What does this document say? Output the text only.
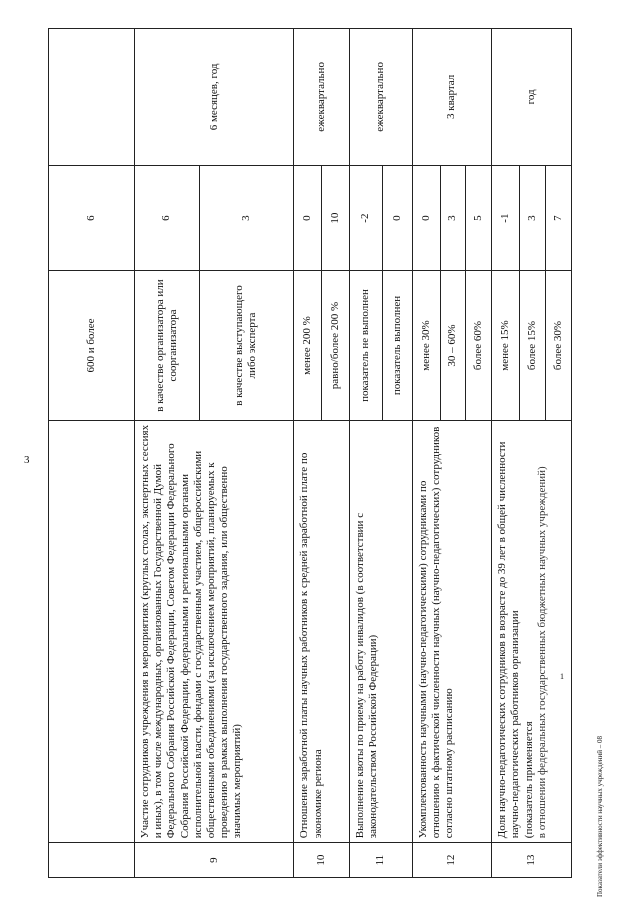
3
1
Показатели эффективности научных учреждений – 08
		600 и более	6	
9	Участие сотрудников учреждения в мероприятиях (круглых столах, экспертных сессиях и иных), в том числе международных, организованных Государственной Думой Федерального Собрания Российской Федерации, Советом Федерации Федерального Собрания Российской Федерации, федеральными и региональными органами исполнительной власти, фондами с государственным участием, общероссийскими общественными объединениями (за исключением мероприятий, планируемых к проведению в рамках выполнения государственного задания, или общественно значимых мероприятий)	в качестве организатора или соорганизатора	6	6 месяцев, год
		в качестве выступающего либо эксперта	3	
10	Отношение заработной платы научных работников к средней заработной плате по экономике региона	менее 200 %	0	ежеквартально
		равно/более 200 %	10	
11	Выполнение квоты по приему на работу инвалидов (в соответствии с законодательством Российской Федерации)	показатель не выполнен	-2	ежеквартально
		показатель выполнен	0	
12	Укомплектованность научными (научно-педагогическими) сотрудниками по отношению к фактической численности научных (научно-педагогических) сотрудников согласно штатному расписанию	менее 30%	0	3 квартал
		30 – 60%	3	
		более 60%	5	
13	Доля научно-педагогических сотрудников в возрасте до 39 лет в общей численности научно-педагогических работников организации
(показатель применяется в отношении федеральных государственных бюджетных научных учреждений)	менее 15%	-1	год
		более 15%	3	
		более 30%	7	
